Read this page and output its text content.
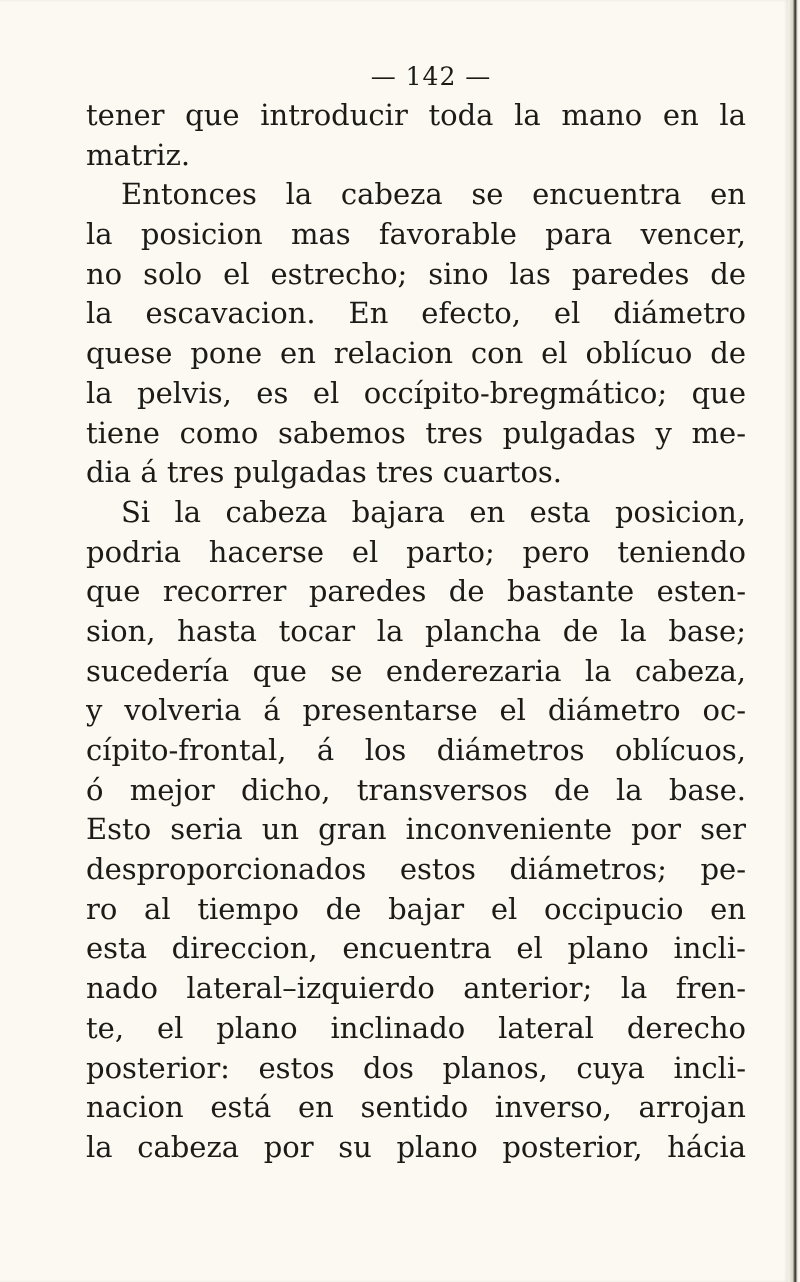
— 142 —
tener que introducir toda la mano en la
matriz.
Entonces la cabeza se encuentra en
la posicion mas favorable para vencer,
no solo el estrecho; sino las paredes de
la escavacion. En efecto, el diámetro
quese pone en relacion con el oblícuo de
la pelvis, es el occípito-bregmático; que
tiene como sabemos tres pulgadas y me-
dia á tres pulgadas tres cuartos.
Si la cabeza bajara en esta posicion,
podria hacerse el parto; pero teniendo
que recorrer paredes de bastante esten-
sion, hasta tocar la plancha de la base;
sucedería que se enderezaria la cabeza,
y volveria á presentarse el diámetro oc-
cípito-frontal, á los diámetros oblícuos,
ó mejor dicho, transversos de la base.
Esto seria un gran inconveniente por ser
desproporcionados estos diámetros; pe-
ro al tiempo de bajar el occipucio en
esta direccion, encuentra el plano incli-
nado lateral–izquierdo anterior; la fren-
te, el plano inclinado lateral derecho
posterior: estos dos planos, cuya incli-
nacion está en sentido inverso, arrojan
la cabeza por su plano posterior, hácia
